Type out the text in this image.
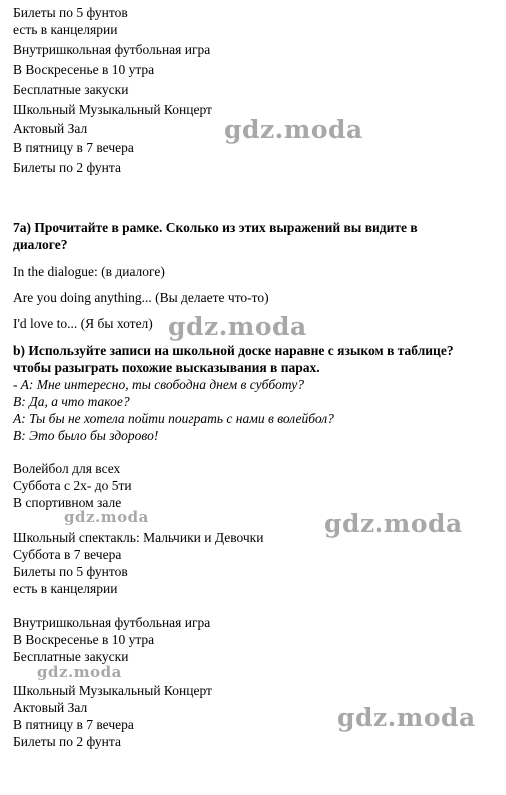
Билеты по 5 фунтов
есть в канцелярии
Внутришкольная футбольная игра
В Воскресенье в 10 утра
Бесплатные закуски
Школьный Музыкальный Концерт
Актовый Зал
В пятницу в 7 вечера
Билеты по 2 фунта
7a) Прочитайте в рамке. Сколько из этих выражений вы видите в
диалоге?
In the dialogue: (в диалоге)
Are you doing anything... (Вы делаете что-то)
I'd love to... (Я бы хотел)
b) Используйте записи на школьной доске наравне с языком в таблице?
чтобы разыграть похожие высказывания в парах.
- A: Мне интересно, ты свободна днем в субботу?
B: Да, а что такое?
A: Ты бы не хотела пойти поиграть с нами в волейбол?
B: Это было бы здорово!
Волейбол для всех
Суббота с 2х- до 5ти
В спортивном зале
Школьный спектакль: Мальчики и Девочки
Суббота в 7 вечера
Билеты по 5 фунтов
есть в канцелярии
Внутришкольная футбольная игра
В Воскресенье в 10 утра
Бесплатные закуски
Школьный Музыкальный Концерт
Актовый Зал
В пятницу в 7 вечера
Билеты по 2 фунта
gdz.moda
gdz.moda
gdz.moda	gdz.moda
gdz.moda
gdz.moda
